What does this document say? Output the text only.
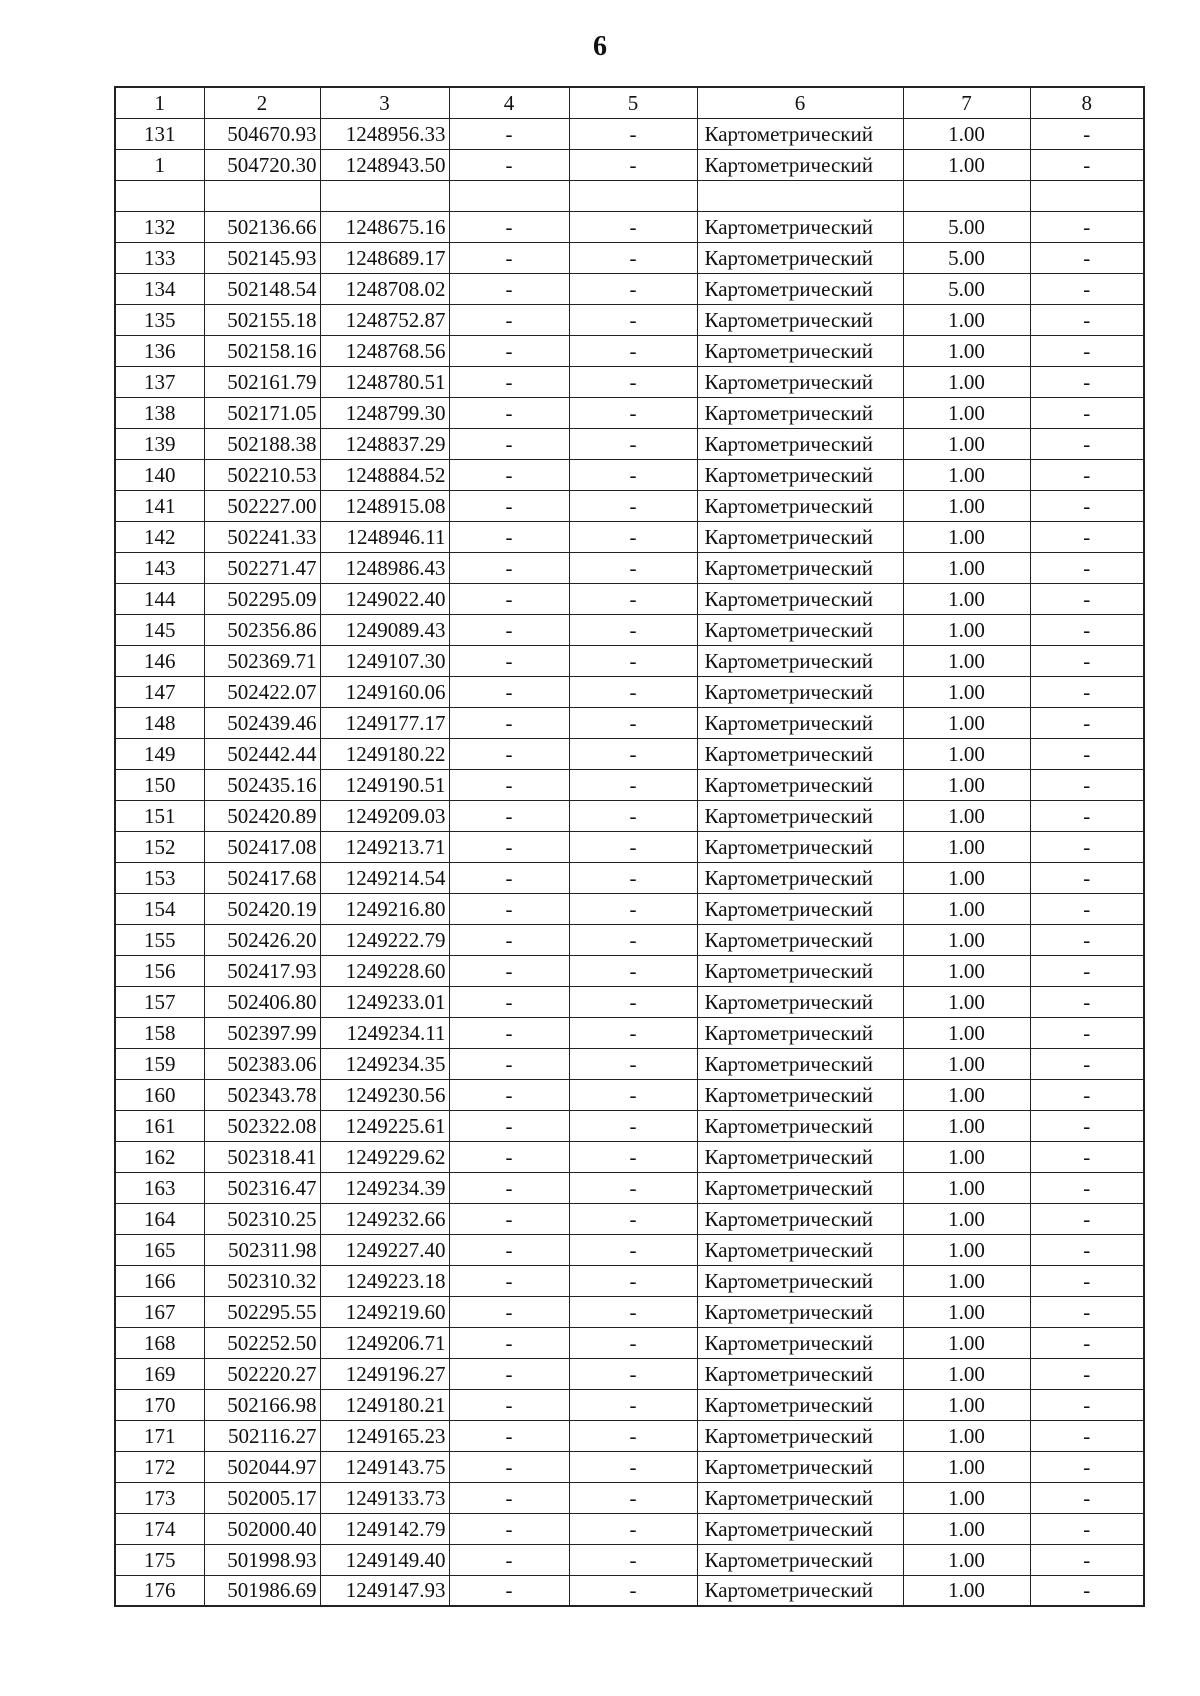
6
1	2	3	4	5	6	7	8
131	504670.93	1248956.33	-	-	Картометрический	1.00	-
1	504720.30	1248943.50	-	-	Картометрический	1.00	-

132	502136.66	1248675.16	-	-	Картометрический	5.00	-
133	502145.93	1248689.17	-	-	Картометрический	5.00	-
134	502148.54	1248708.02	-	-	Картометрический	5.00	-
135	502155.18	1248752.87	-	-	Картометрический	1.00	-
136	502158.16	1248768.56	-	-	Картометрический	1.00	-
137	502161.79	1248780.51	-	-	Картометрический	1.00	-
138	502171.05	1248799.30	-	-	Картометрический	1.00	-
139	502188.38	1248837.29	-	-	Картометрический	1.00	-
140	502210.53	1248884.52	-	-	Картометрический	1.00	-
141	502227.00	1248915.08	-	-	Картометрический	1.00	-
142	502241.33	1248946.11	-	-	Картометрический	1.00	-
143	502271.47	1248986.43	-	-	Картометрический	1.00	-
144	502295.09	1249022.40	-	-	Картометрический	1.00	-
145	502356.86	1249089.43	-	-	Картометрический	1.00	-
146	502369.71	1249107.30	-	-	Картометрический	1.00	-
147	502422.07	1249160.06	-	-	Картометрический	1.00	-
148	502439.46	1249177.17	-	-	Картометрический	1.00	-
149	502442.44	1249180.22	-	-	Картометрический	1.00	-
150	502435.16	1249190.51	-	-	Картометрический	1.00	-
151	502420.89	1249209.03	-	-	Картометрический	1.00	-
152	502417.08	1249213.71	-	-	Картометрический	1.00	-
153	502417.68	1249214.54	-	-	Картометрический	1.00	-
154	502420.19	1249216.80	-	-	Картометрический	1.00	-
155	502426.20	1249222.79	-	-	Картометрический	1.00	-
156	502417.93	1249228.60	-	-	Картометрический	1.00	-
157	502406.80	1249233.01	-	-	Картометрический	1.00	-
158	502397.99	1249234.11	-	-	Картометрический	1.00	-
159	502383.06	1249234.35	-	-	Картометрический	1.00	-
160	502343.78	1249230.56	-	-	Картометрический	1.00	-
161	502322.08	1249225.61	-	-	Картометрический	1.00	-
162	502318.41	1249229.62	-	-	Картометрический	1.00	-
163	502316.47	1249234.39	-	-	Картометрический	1.00	-
164	502310.25	1249232.66	-	-	Картометрический	1.00	-
165	502311.98	1249227.40	-	-	Картометрический	1.00	-
166	502310.32	1249223.18	-	-	Картометрический	1.00	-
167	502295.55	1249219.60	-	-	Картометрический	1.00	-
168	502252.50	1249206.71	-	-	Картометрический	1.00	-
169	502220.27	1249196.27	-	-	Картометрический	1.00	-
170	502166.98	1249180.21	-	-	Картометрический	1.00	-
171	502116.27	1249165.23	-	-	Картометрический	1.00	-
172	502044.97	1249143.75	-	-	Картометрический	1.00	-
173	502005.17	1249133.73	-	-	Картометрический	1.00	-
174	502000.40	1249142.79	-	-	Картометрический	1.00	-
175	501998.93	1249149.40	-	-	Картометрический	1.00	-
176	501986.69	1249147.93	-	-	Картометрический	1.00	-
